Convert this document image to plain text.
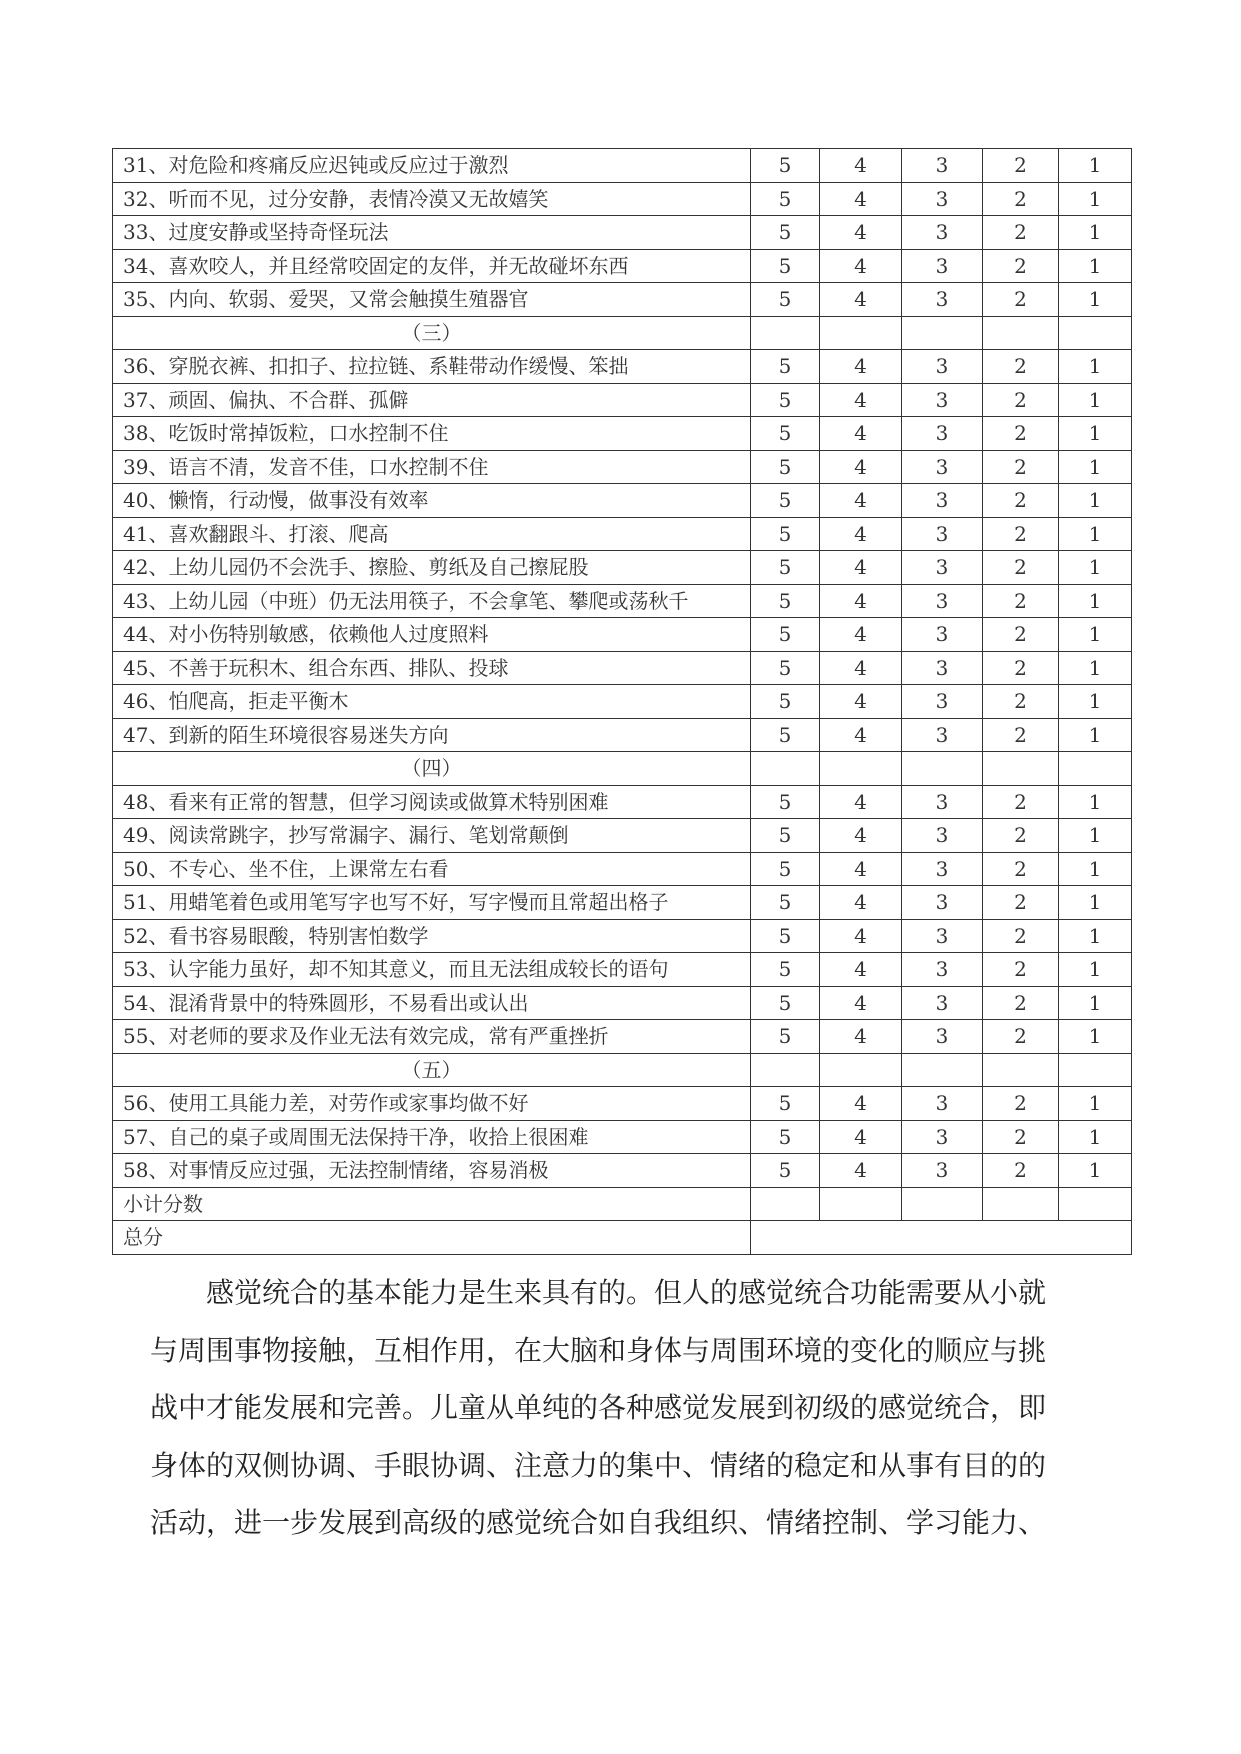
31、对危险和疼痛反应迟钝或反应过于激烈	5	4	3	2	1
32、听而不见，过分安静，表情冷漠又无故嬉笑	5	4	3	2	1
33、过度安静或坚持奇怪玩法	5	4	3	2	1
34、喜欢咬人，并且经常咬固定的友伴，并无故碰坏东西	5	4	3	2	1
35、内向、软弱、爱哭，又常会触摸生殖器官	5	4	3	2	1
（三）					
36、穿脱衣裤、扣扣子、拉拉链、系鞋带动作缓慢、笨拙	5	4	3	2	1
37、顽固、偏执、不合群、孤僻	5	4	3	2	1
38、吃饭时常掉饭粒，口水控制不住	5	4	3	2	1
39、语言不清，发音不佳，口水控制不住	5	4	3	2	1
40、懒惰，行动慢，做事没有效率	5	4	3	2	1
41、喜欢翻跟斗、打滚、爬高	5	4	3	2	1
42、上幼儿园仍不会洗手、擦脸、剪纸及自己擦屁股	5	4	3	2	1
43、上幼儿园（中班）仍无法用筷子，不会拿笔、攀爬或荡秋千	5	4	3	2	1
44、对小伤特别敏感，依赖他人过度照料	5	4	3	2	1
45、不善于玩积木、组合东西、排队、投球	5	4	3	2	1
46、怕爬高，拒走平衡木	5	4	3	2	1
47、到新的陌生环境很容易迷失方向	5	4	3	2	1
（四）					
48、看来有正常的智慧，但学习阅读或做算术特别困难	5	4	3	2	1
49、阅读常跳字，抄写常漏字、漏行、笔划常颠倒	5	4	3	2	1
50、不专心、坐不住，上课常左右看	5	4	3	2	1
51、用蜡笔着色或用笔写字也写不好，写字慢而且常超出格子	5	4	3	2	1
52、看书容易眼酸，特别害怕数学	5	4	3	2	1
53、认字能力虽好，却不知其意义，而且无法组成较长的语句	5	4	3	2	1
54、混淆背景中的特殊圆形，不易看出或认出	5	4	3	2	1
55、对老师的要求及作业无法有效完成，常有严重挫折	5	4	3	2	1
（五）					
56、使用工具能力差，对劳作或家事均做不好	5	4	3	2	1
57、自己的桌子或周围无法保持干净，收拾上很困难	5	4	3	2	1
58、对事情反应过强，无法控制情绪，容易消极	5	4	3	2	1
小计分数					
总分					
感觉统合的基本能力是生来具有的。但人的感觉统合功能需要从小就
与周围事物接触，互相作用，在大脑和身体与周围环境的变化的顺应与挑
战中才能发展和完善。儿童从单纯的各种感觉发展到初级的感觉统合，即
身体的双侧协调、手眼协调、注意力的集中、情绪的稳定和从事有目的的
活动，进一步发展到高级的感觉统合如自我组织、情绪控制、学习能力、
